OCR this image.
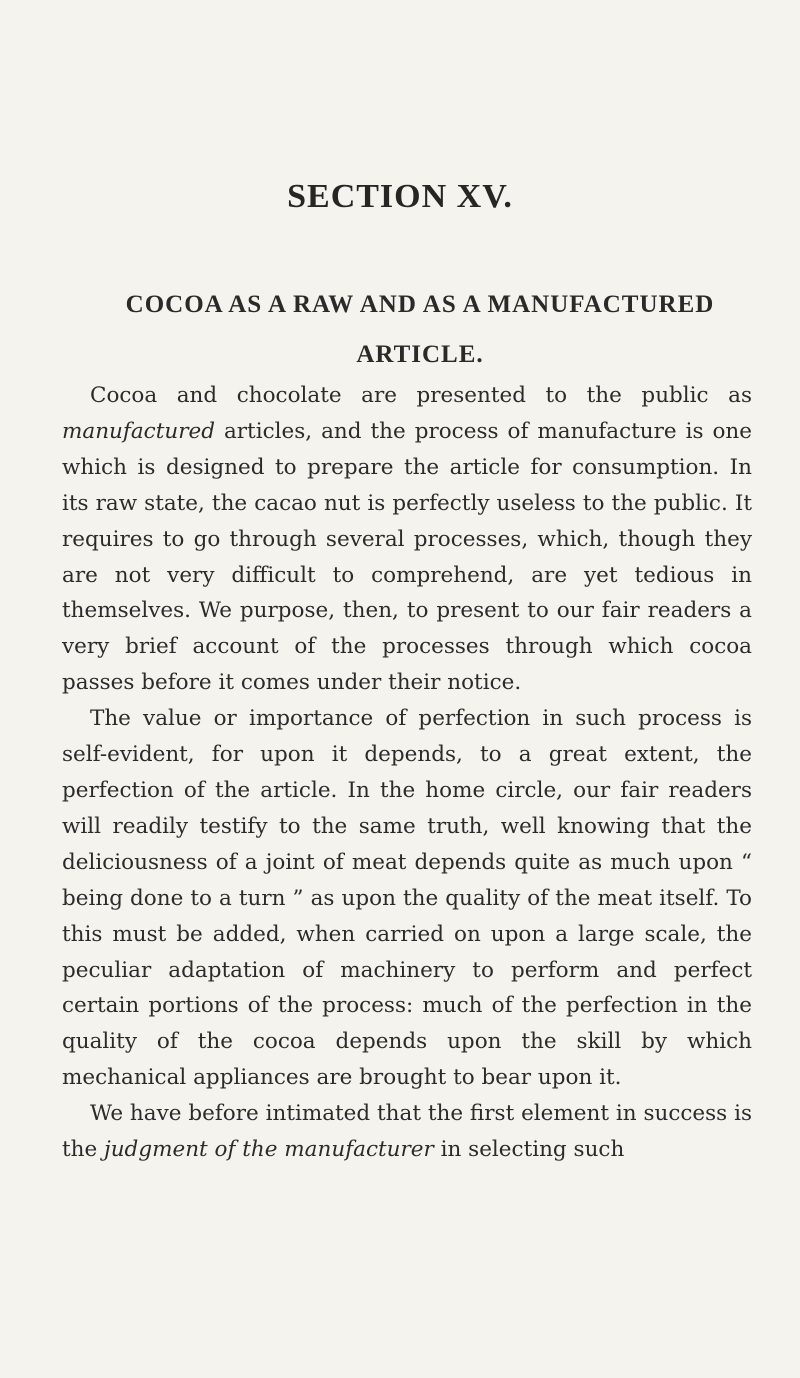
SECTION XV.
COCOA AS A RAW AND AS A MANUFACTURED
ARTICLE.

Cocoa and chocolate are presented to the public as manufactured articles, and the process of manufacture is one which is designed to prepare the article for consumption. In its raw state, the cacao nut is perfectly useless to the public. It requires to go through several processes, which, though they are not very difficult to comprehend, are yet tedious in themselves. We purpose, then, to present to our fair readers a very brief account of the processes through which cocoa passes before it comes under their notice.

The value or importance of perfection in such process is self-evident, for upon it depends, to a great extent, the perfection of the article. In the home circle, our fair readers will readily testify to the same truth, well knowing that the deliciousness of a joint of meat depends quite as much upon “ being done to a turn ” as upon the quality of the meat itself. To this must be added, when carried on upon a large scale, the peculiar adaptation of machinery to perform and perfect certain portions of the process: much of the perfection in the quality of the cocoa depends upon the skill by which mechanical appliances are brought to bear upon it.

We have before intimated that the first element in success is the judgment of the manufacturer in selecting such
